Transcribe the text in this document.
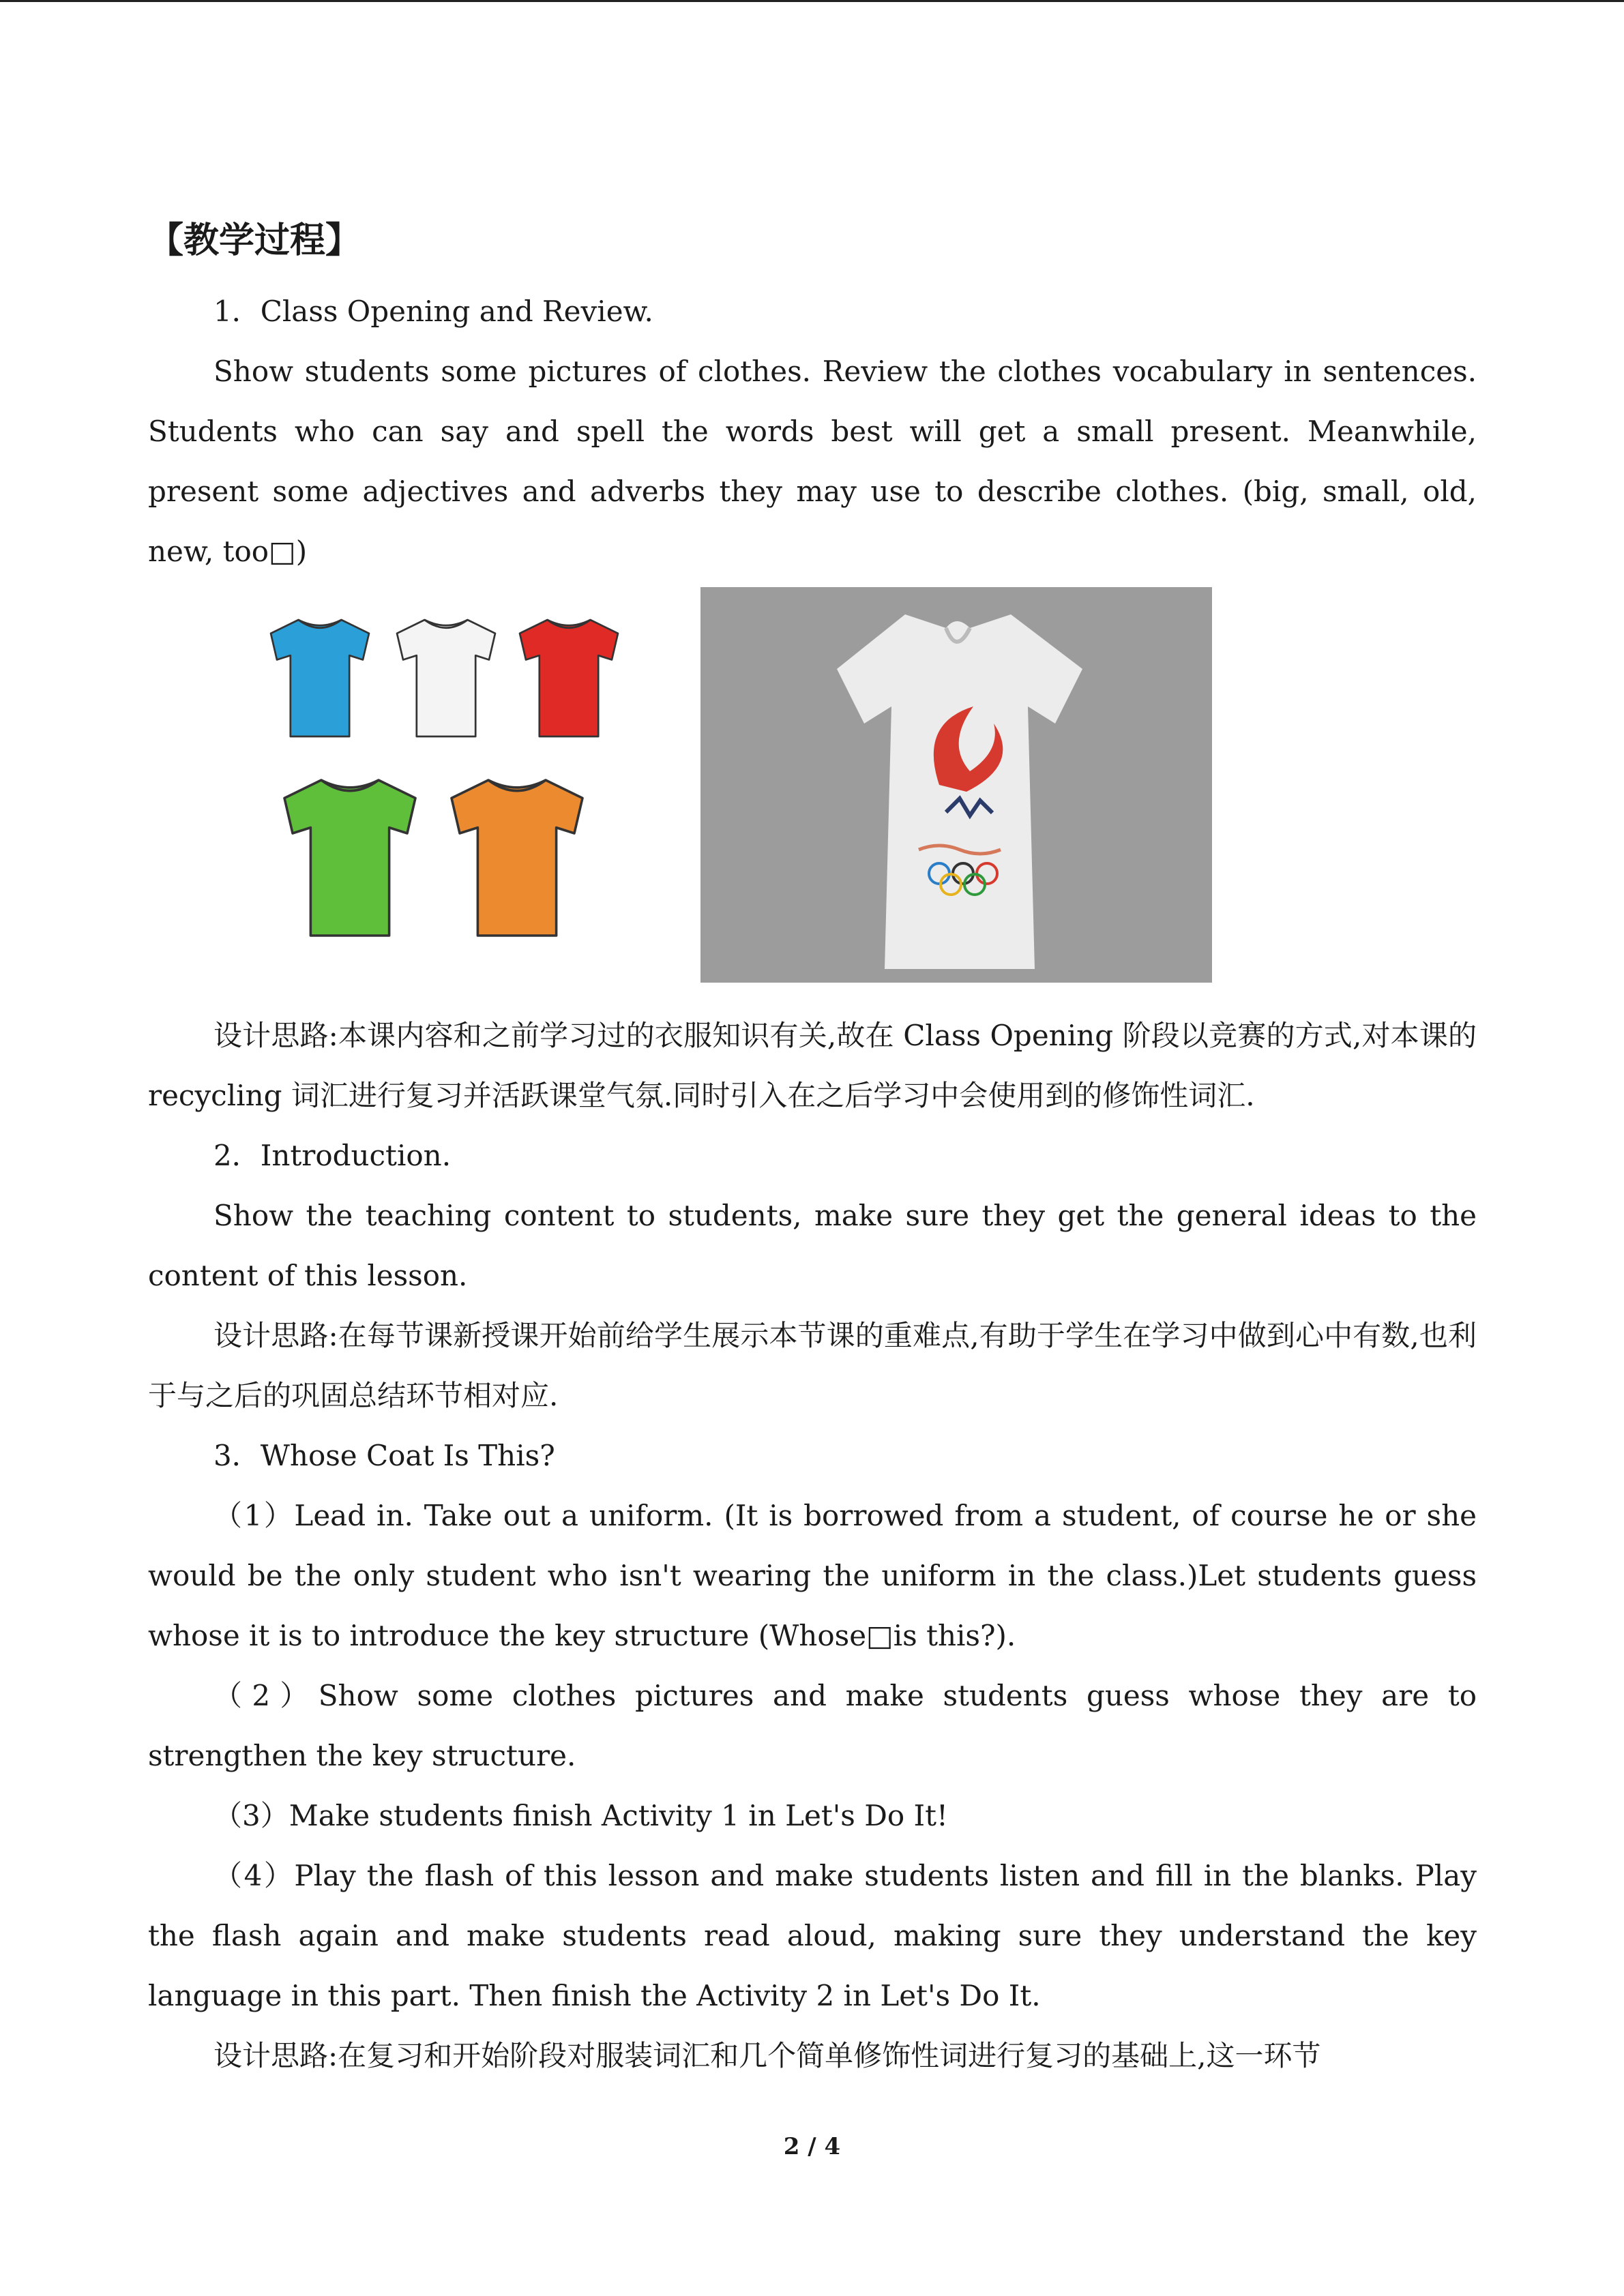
【教学过程】

1．Class Opening and Review.

Show students some pictures of clothes. Review the clothes vocabulary in sentences. Students who can say and spell the words best will get a small present. Meanwhile, present some adjectives and adverbs they may use to describe clothes. (big, small, old, new, too□)

设计思路:本课内容和之前学习过的衣服知识有关,故在 Class Opening 阶段以竞赛的方式,对本课的 recycling 词汇进行复习并活跃课堂气氛.同时引入在之后学习中会使用到的修饰性词汇.

2．Introduction.

Show the teaching content to students, make sure they get the general ideas to the content of this lesson.

设计思路:在每节课新授课开始前给学生展示本节课的重难点,有助于学生在学习中做到心中有数,也利于与之后的巩固总结环节相对应.

3．Whose Coat Is This?

（1）Lead in. Take out a uniform. (It is borrowed from a student, of course he or she would be the only student who isn't wearing the uniform in the class.)Let students guess whose it is to introduce the key structure (Whose□is this?).

（2）Show some clothes pictures and make students guess whose they are to strengthen the key structure.

（3）Make students finish Activity 1 in Let's Do It!

（4）Play the flash of this lesson and make students listen and fill in the blanks. Play the flash again and make students read aloud, making sure they understand the key language in this part. Then finish the Activity 2 in Let's Do It.

设计思路:在复习和开始阶段对服装词汇和几个简单修饰性词进行复习的基础上,这一环节

2 / 4
